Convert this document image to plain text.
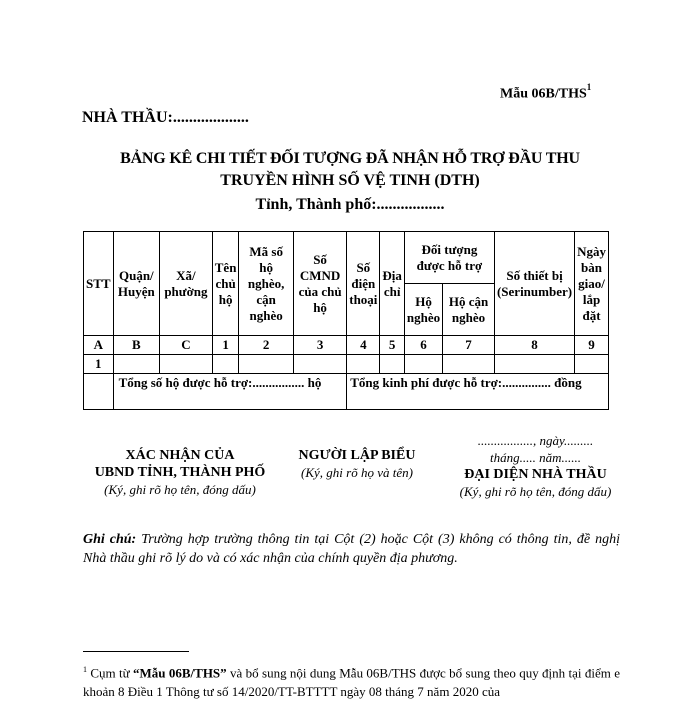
Mẫu 06B/THS$^1$
NHÀ THẦU:...................
BẢNG KÊ CHI TIẾT ĐỐI TƯỢNG ĐÃ NHẬN HỖ TRỢ ĐẦU THU
TRUYỀN HÌNH SỐ VỆ TINH (DTH)
Tỉnh, Thành phố:.................
STT	Quận/ Huyện	Xã/ phường	Tên chủ hộ	Mã số hộ nghèo, cận nghèo	Số CMND của chủ hộ	Số điện thoại	Địa chỉ	Đối tượng được hỗ trợ		Số thiết bị (Serinumber)	Ngày bàn giao/ lắp đặt
								Hộ nghèo	Hộ cận nghèo		
A	B	C	1	2	3	4	5	6	7	8	9
1											
	Tổng số hộ được hỗ trợ:................ hộ					Tổng kinh phí được hỗ trợ:............... đồng					
XÁC NHẬN CỦA
UBND TỈNH, THÀNH PHỐ
(Ký, ghi rõ họ tên, đóng dấu)
NGƯỜI LẬP BIỂU
(Ký, ghi rõ họ và tên)
................., ngày.........
tháng..... năm......
ĐẠI DIỆN NHÀ THẦU
(Ký, ghi rõ họ tên, đóng dấu)
Ghi chú: Trường hợp trường thông tin tại Cột (2) hoặc Cột (3) không có thông tin, đề nghị Nhà thầu ghi rõ lý do và có xác nhận của chính quyền địa phương.
$^1$ Cụm từ “Mẫu 06B/THS” và bổ sung nội dung Mẫu 06B/THS được bổ sung theo quy định tại điểm e khoản 8 Điều 1 Thông tư số 14/2020/TT-BTTTT ngày 08 tháng 7 năm 2020 của
